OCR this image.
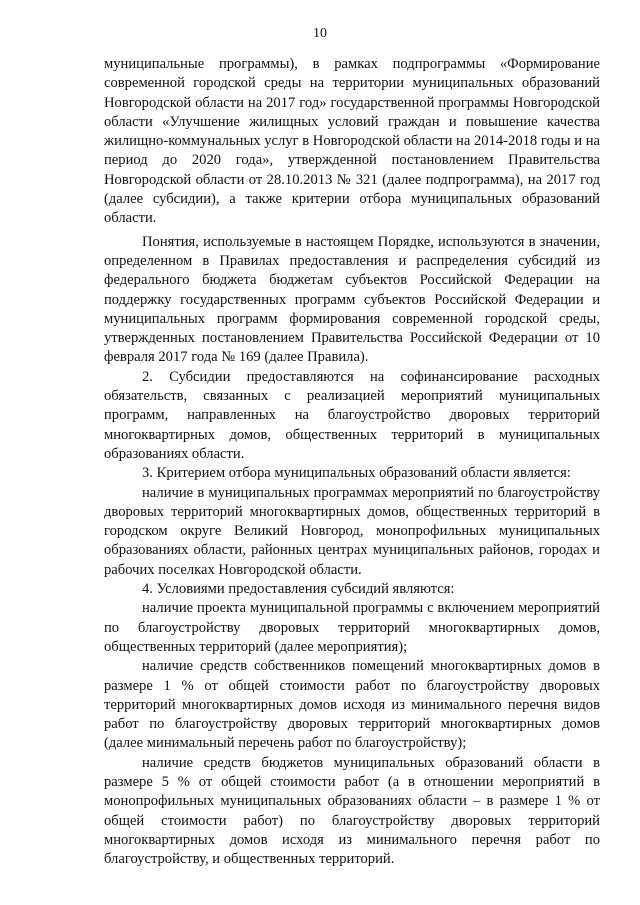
10

муниципальные программы), в рамках подпрограммы «Формирование современной городской среды на территории муниципальных образований Новгородской области на 2017 год» государственной программы Новгородской области «Улучшение жилищных условий граждан и повышение качества жилищно-коммунальных услуг в Новгородской области на 2014-2018 годы и на период до 2020 года», утвержденной постановлением Правительства Новгородской области от 28.10.2013 № 321 (далее подпрограмма), на 2017 год (далее субсидии), а также критерии отбора муниципальных образований области.

Понятия, используемые в настоящем Порядке, используются в значении, определенном в Правилах предоставления и распределения субсидий из федерального бюджета бюджетам субъектов Российской Федерации на поддержку государственных программ субъектов Российской Федерации и муниципальных программ формирования современной городской среды, утвержденных постановлением Правительства Российской Федерации от 10 февраля 2017 года № 169 (далее Правила).

2. Субсидии предоставляются на софинансирование расходных обязательств, связанных с реализацией мероприятий муниципальных программ, направленных на благоустройство дворовых территорий многоквартирных домов, общественных территорий в муниципальных образованиях области.

3. Критерием отбора муниципальных образований области является:

наличие в муниципальных программах мероприятий по благоустройству дворовых территорий многоквартирных домов, общественных территорий в городском округе Великий Новгород, монопрофильных муниципальных образованиях области, районных центрах муниципальных районов, городах и рабочих поселках Новгородской области.

4. Условиями предоставления субсидий являются:

наличие проекта муниципальной программы с включением мероприятий по благоустройству дворовых территорий многоквартирных домов, общественных территорий (далее мероприятия);

наличие средств собственников помещений многоквартирных домов в размере 1 % от общей стоимости работ по благоустройству дворовых территорий многоквартирных домов исходя из минимального перечня видов работ по благоустройству дворовых территорий многоквартирных домов (далее минимальный перечень работ по благоустройству);

наличие средств бюджетов муниципальных образований области в размере 5 % от общей стоимости работ (а в отношении мероприятий в монопрофильных муниципальных образованиях области – в размере 1 % от общей стоимости работ) по благоустройству дворовых территорий многоквартирных домов исходя из минимального перечня работ по благоустройству, и общественных территорий.
